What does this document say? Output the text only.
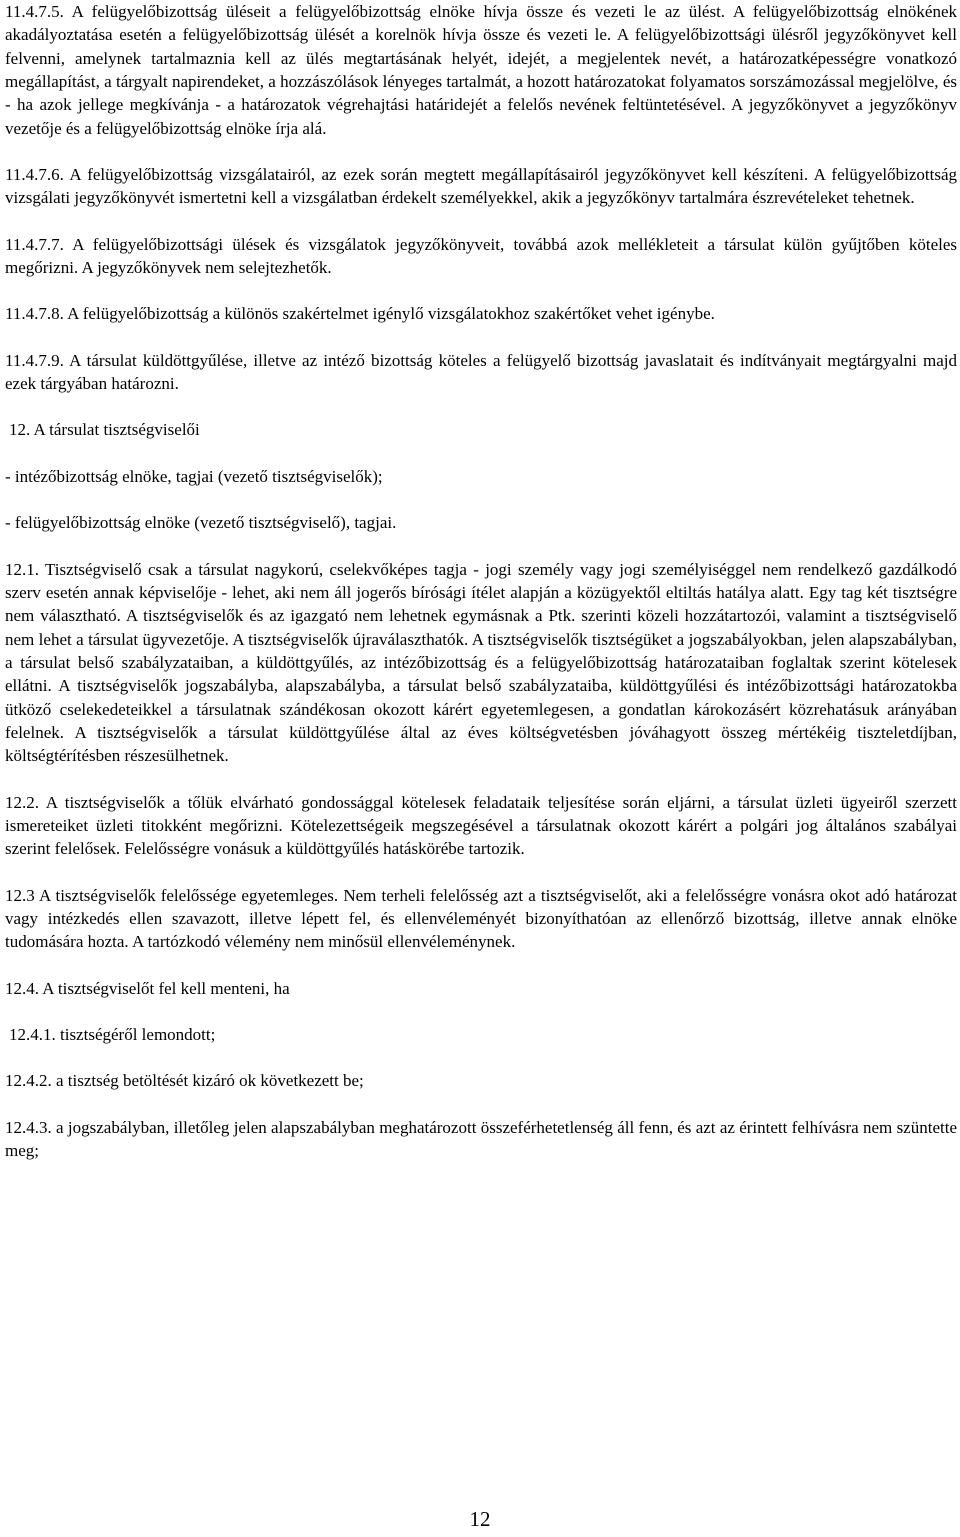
11.4.7.5. A felügyelőbizottság üléseit a felügyelőbizottság elnöke hívja össze és vezeti le az ülést. A felügyelőbizottság elnökének akadályoztatása esetén a felügyelőbizottság ülését a korelnök hívja össze és vezeti le. A felügyelőbizottsági ülésről jegyzőkönyvet kell felvenni, amelynek tartalmaznia kell az ülés megtartásának helyét, idejét, a megjelentek nevét, a határozatképességre vonatkozó megállapítást, a tárgyalt napirendeket, a hozzászólások lényeges tartalmát, a hozott határozatokat folyamatos sorszámozással megjelölve, és - ha azok jellege megkívánja - a határozatok végrehajtási határidejét a felelős nevének feltüntetésével. A jegyzőkönyvet a jegyzőkönyv vezetője és a felügyelőbizottság elnöke írja alá.

11.4.7.6. A felügyelőbizottság vizsgálatairól, az ezek során megtett megállapításairól jegyzőkönyvet kell készíteni. A felügyelőbizottság vizsgálati jegyzőkönyvét ismertetni kell a vizsgálatban érdekelt személyekkel, akik a jegyzőkönyv tartalmára észrevételeket tehetnek.

11.4.7.7. A felügyelőbizottsági ülések és vizsgálatok jegyzőkönyveit, továbbá azok mellékleteit a társulat külön gyűjtőben köteles megőrizni. A jegyzőkönyvek nem selejtezhetők.

11.4.7.8. A felügyelőbizottság a különös szakértelmet igénylő vizsgálatokhoz szakértőket vehet igénybe.

11.4.7.9. A társulat küldöttgyűlése, illetve az intéző bizottság köteles a felügyelő bizottság javaslatait és indítványait megtárgyalni majd ezek tárgyában határozni.

12. A társulat tisztségviselői

- intézőbizottság elnöke, tagjai (vezető tisztségviselők);

- felügyelőbizottság elnöke (vezető tisztségviselő), tagjai.

12.1. Tisztségviselő csak a társulat nagykorú, cselekvőképes tagja - jogi személy vagy jogi személyiséggel nem rendelkező gazdálkodó szerv esetén annak képviselője - lehet, aki nem áll jogerős bírósági ítélet alapján a közügyektől eltiltás hatálya alatt. Egy tag két tisztségre nem választható. A tisztségviselők és az igazgató nem lehetnek egymásnak a Ptk. szerinti közeli hozzátartozói, valamint a tisztségviselő nem lehet a társulat ügyvezetője. A tisztségviselők újraválaszthatók. A tisztségviselők tisztségüket a jogszabályokban, jelen alapszabályban, a társulat belső szabályzataiban, a küldöttgyűlés, az intézőbizottság és a felügyelőbizottság határozataiban foglaltak szerint kötelesek ellátni. A tisztségviselők jogszabályba, alapszabályba, a társulat belső szabályzataiba, küldöttgyűlési és intézőbizottsági határozatokba ütköző cselekedeteikkel a társulatnak szándékosan okozott kárért egyetemlegesen, a gondatlan károkozásért közrehatásuk arányában felelnek. A tisztségviselők a társulat küldöttgyűlése által az éves költségvetésben jóváhagyott összeg mértékéig tiszteletdíjban, költségtérítésben részesülhetnek.

12.2. A tisztségviselők a tőlük elvárható gondossággal kötelesek feladataik teljesítése során eljárni, a társulat üzleti ügyeiről szerzett ismereteiket üzleti titokként megőrizni. Kötelezettségeik megszegésével a társulatnak okozott kárért a polgári jog általános szabályai szerint felelősek. Felelősségre vonásuk a küldöttgyűlés hatáskörébe tartozik.

12.3 A tisztségviselők felelőssége egyetemleges. Nem terheli felelősség azt a tisztségviselőt, aki a felelősségre vonásra okot adó határozat vagy intézkedés ellen szavazott, illetve lépett fel, és ellenvéleményét bizonyíthatóan az ellenőrző bizottság, illetve annak elnöke tudomására hozta. A tartózkodó vélemény nem minősül ellenvéleménynek.

12.4. A tisztségviselőt fel kell menteni, ha

12.4.1. tisztségéről lemondott;

12.4.2. a tisztség betöltését kizáró ok következett be;

12.4.3. a jogszabályban, illetőleg jelen alapszabályban meghatározott összeférhetetlenség áll fenn, és azt az érintett felhívásra nem szüntette meg;

12
